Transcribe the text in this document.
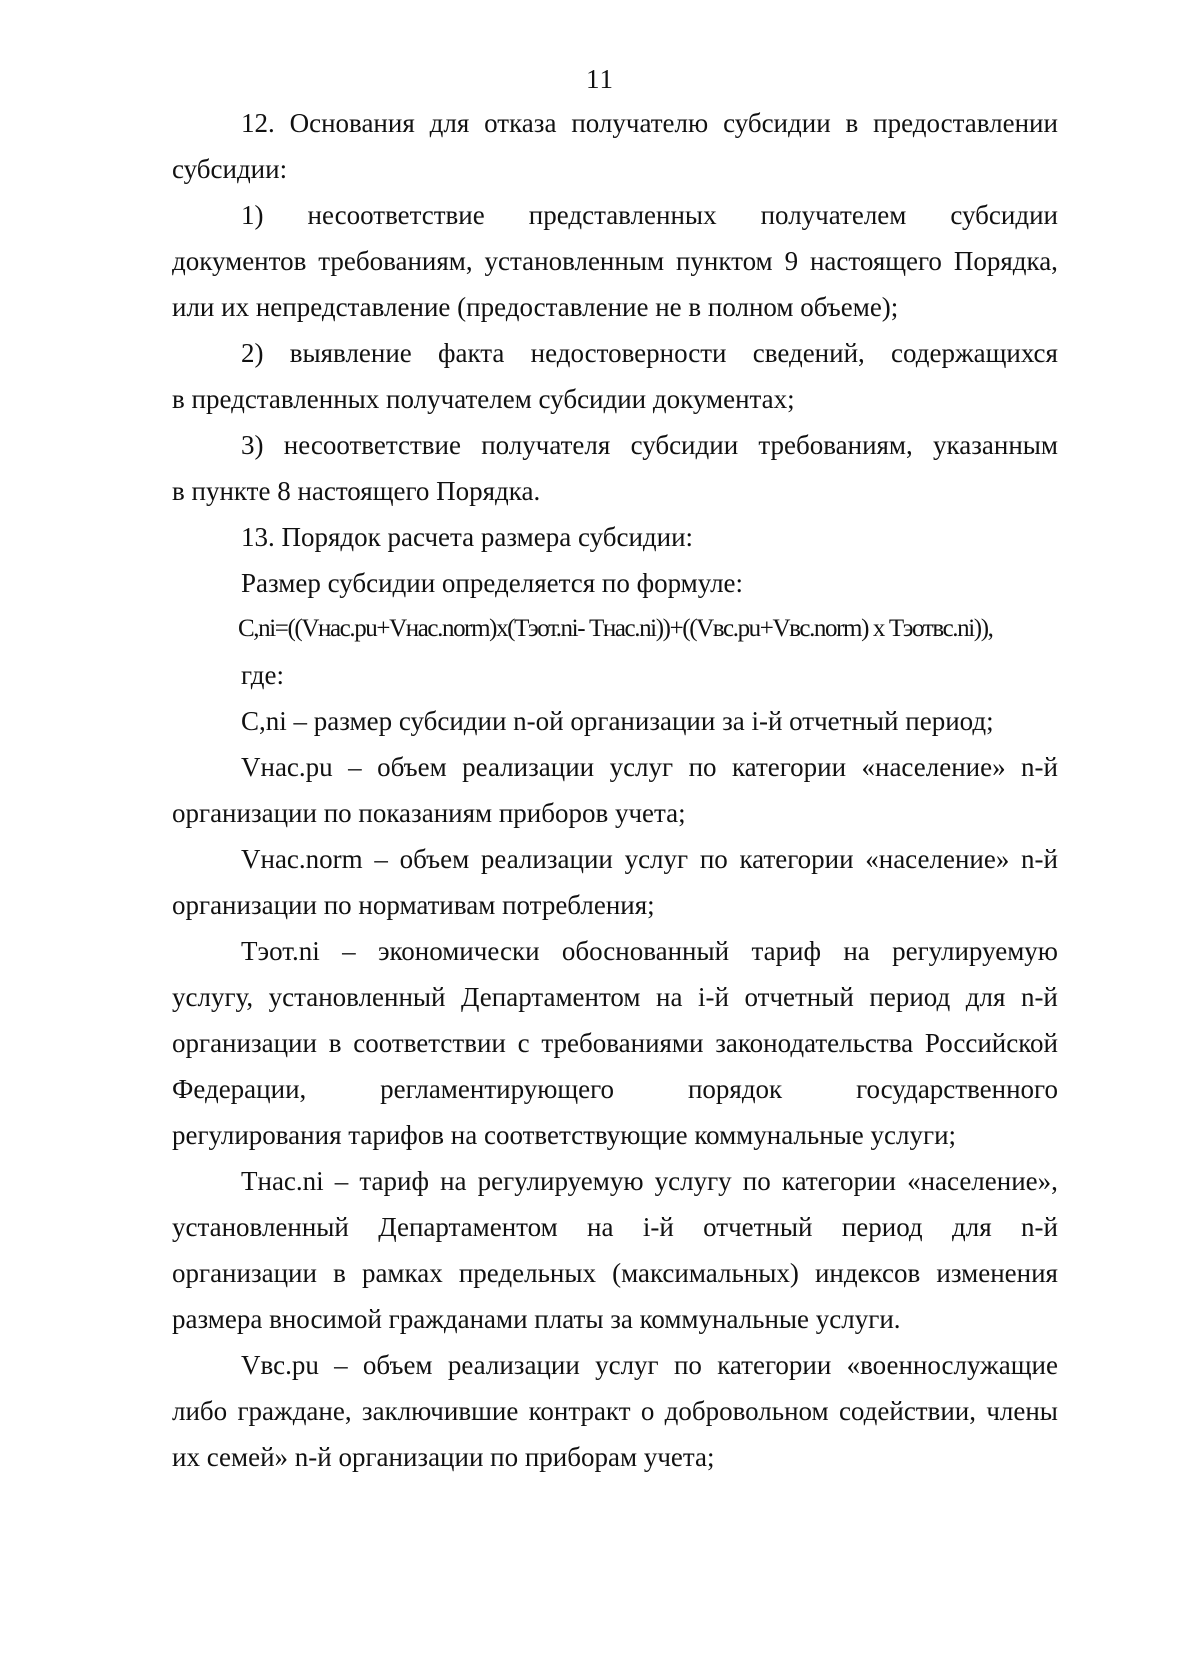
11
12. Основания для отказа получателю субсидии в предоставлении
субсидии:
1) несоответствие представленных получателем субсидии
документов требованиям, установленным пунктом 9 настоящего Порядка,
или их непредставление (предоставление не в полном объеме);
2) выявление факта недостоверности сведений, содержащихся
в представленных получателем субсидии документах;
3) несоответствие получателя субсидии требованиям, указанным
в пункте 8 настоящего Порядка.
13. Порядок расчета размера субсидии:
Размер субсидии определяется по формуле:
C,ni=((Vнас.pu+Vнас.norm)x(Тэот.ni- Тнас.ni))+((Vвс.pu+Vвс.norm) x Тэотвс.ni)),
где:
C,ni – размер субсидии n-ой организации за i-й отчетный период;
Vнас.pu – объем реализации услуг по категории «население» n-й
организации по показаниям приборов учета;
Vнас.norm – объем реализации услуг по категории «население» n-й
организации по нормативам потребления;
Тэот.ni – экономически обоснованный тариф на регулируемую
услугу, установленный Департаментом на i-й отчетный период для n-й
организации в соответствии с требованиями законодательства Российской
Федерации,	регламентирующего	порядок	государственного
регулирования тарифов на соответствующие коммунальные услуги;
Тнас.ni – тариф на регулируемую услугу по категории «население»,
установленный Департаментом на i-й отчетный период для n-й
организации в рамках предельных (максимальных) индексов изменения
размера вносимой гражданами платы за коммунальные услуги.
Vвс.pu – объем реализации услуг по категории «военнослужащие
либо граждане, заключившие контракт о добровольном содействии, члены
их семей» n-й организации по приборам учета;
